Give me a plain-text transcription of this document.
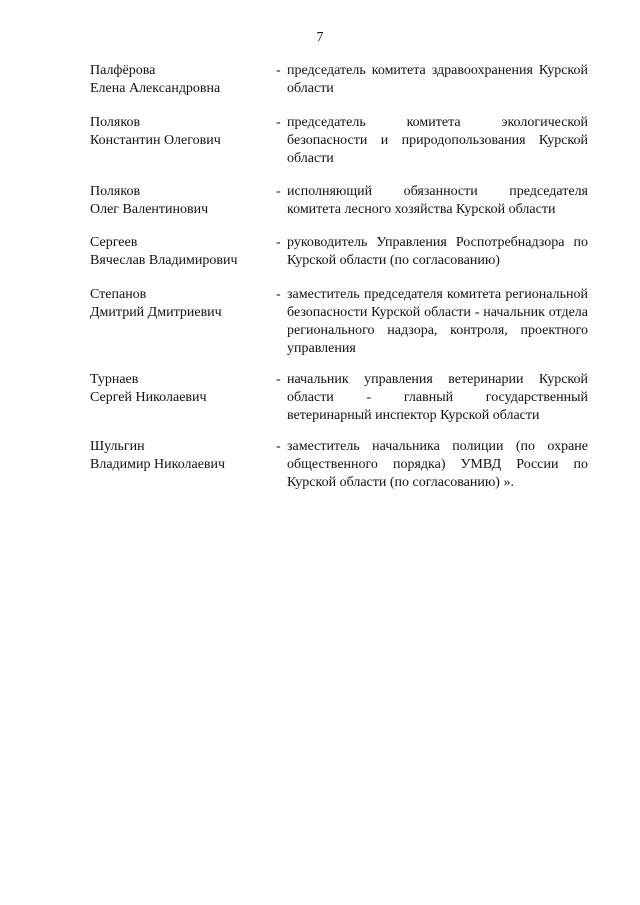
7
Палфёрова
Елена Александровна
- председатель комитета здравоохранения Курской области
Поляков
Константин Олегович
- председатель комитета экологической безопасности и природопользования Курской области
Поляков
Олег Валентинович
- исполняющий обязанности председателя комитета лесного хозяйства Курской области
Сергеев
Вячеслав Владимирович
- руководитель Управления Роспотребнадзора по Курской области (по согласованию)
Степанов
Дмитрий Дмитриевич
- заместитель председателя комитета региональной безопасности Курской области - начальник отдела регионального надзора, контроля, проектного управления
Турнаев
Сергей Николаевич
- начальник управления ветеринарии Курской области - главный государственный ветеринарный инспектор Курской области
Шульгин
Владимир Николаевич
- заместитель начальника полиции (по охране общественного порядка) УМВД России по Курской области (по согласованию) ».
